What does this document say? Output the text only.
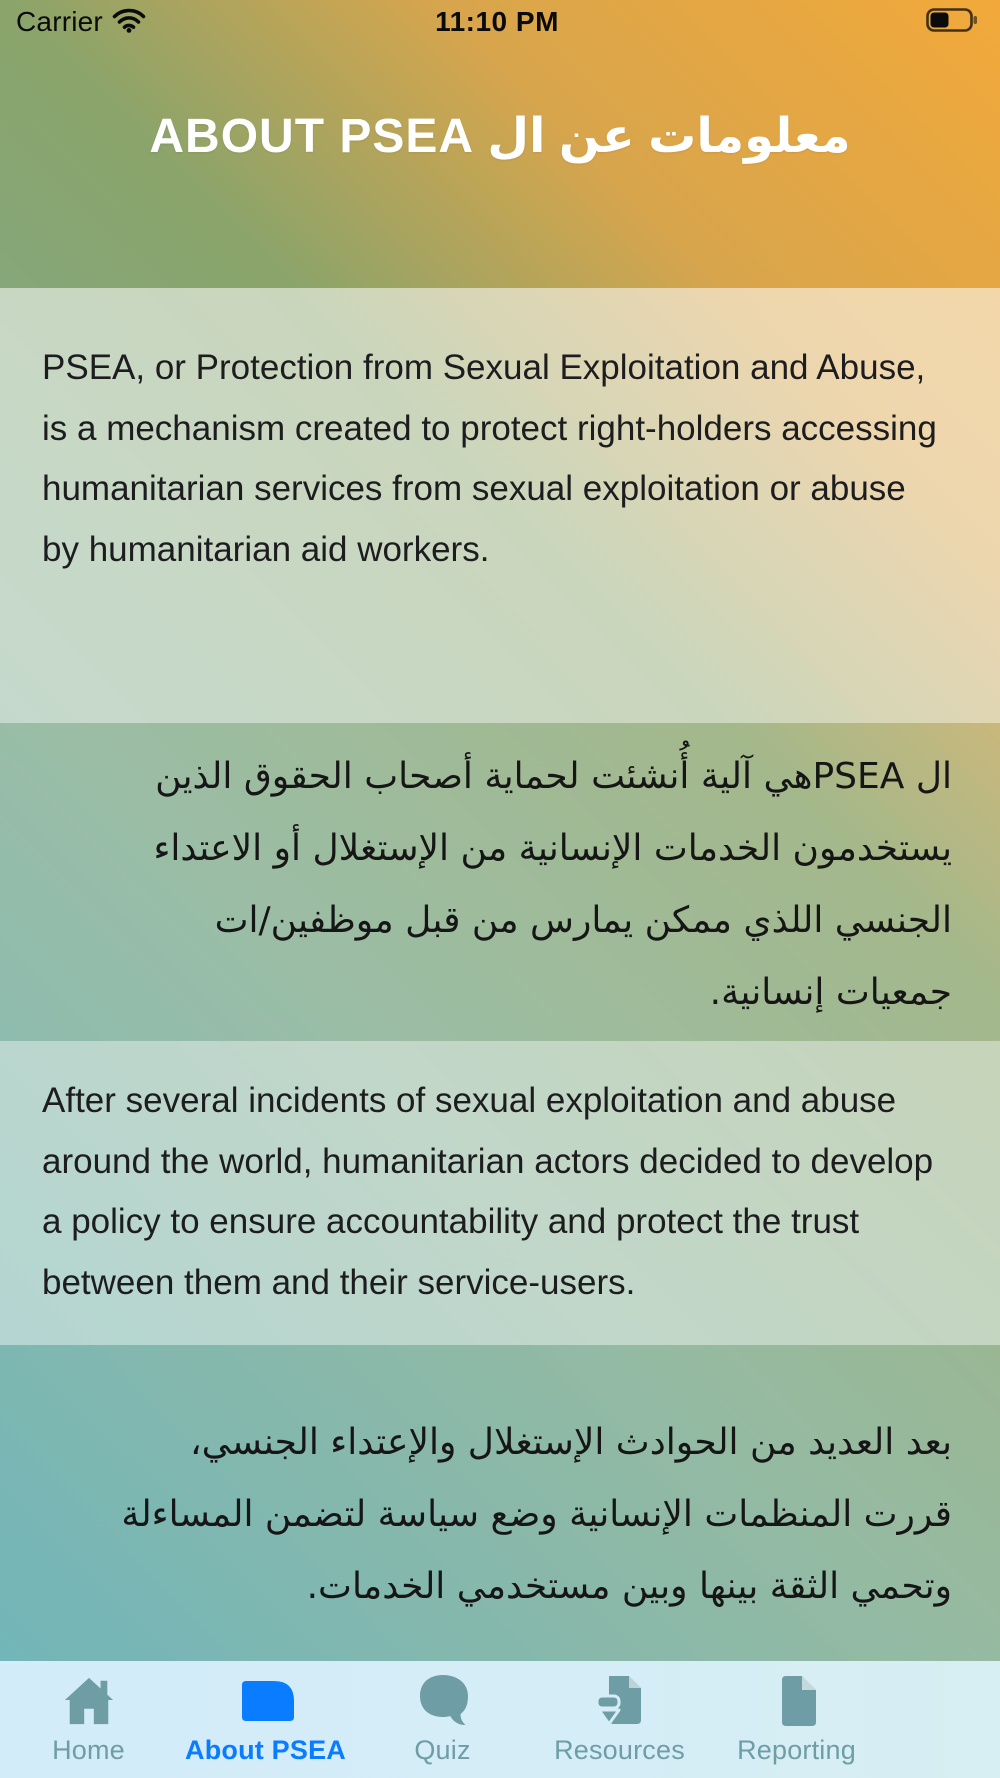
Carrier	11:10 PM
معلومات عن ال ABOUT PSEA

PSEA, or Protection from Sexual Exploitation and Abuse, is a mechanism created to protect right-holders accessing humanitarian services from sexual exploitation or abuse by humanitarian aid workers.

ال PSEAهي آلية أُنشئت لحماية أصحاب الحقوق الذين يستخدمون الخدمات الإنسانية من الإستغلال أو الاعتداء الجنسي اللذي ممكن يمارس من قبل موظفين/ات جمعيات إنسانية.

After several incidents of sexual exploitation and abuse around the world, humanitarian actors decided to develop a policy to ensure accountability and protect the trust between them and their service-users.

بعد العديد من الحوادث الإستغلال والإعتداء الجنسي، قررت المنظمات الإنسانية وضع سياسة لتضمن المساءلة وتحمي الثقة بينها وبين مستخدمي الخدمات.

Home About PSEA	Quiz	Resources Reporting
